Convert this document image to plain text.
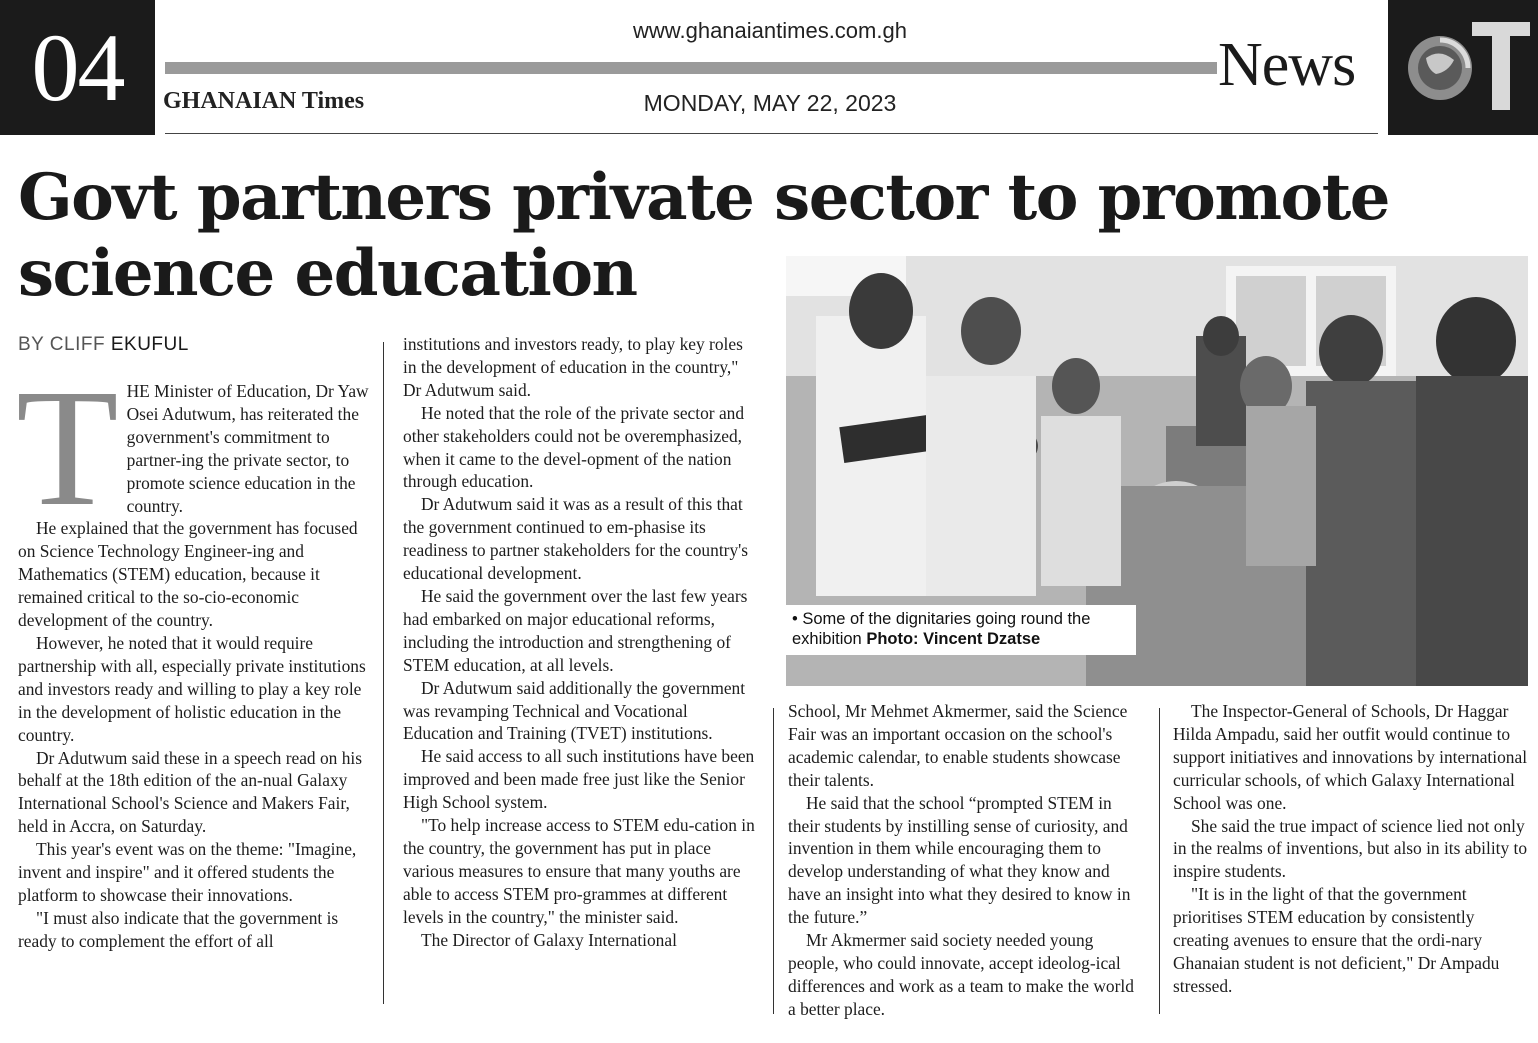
04	www.ghanaiantimes.com.gh
GHANAIAN Times	MONDAY, MAY 22, 2023
News
Govt partners private sector to promote science education
BY CLIFF EKUFUL
T HE Minister of Education, Dr Yaw Osei Adutwum, has reiterated the government's commitment to partner-ing the private sector, to promote science education in the country.

He explained that the government has focused on Science Technology Engineer-ing and Mathematics (STEM) education, because it remained critical to the so-cio-economic development of the country.

However, he noted that it would require partnership with all, especially private institutions and investors ready and willing to play a key role in the development of holistic education in the country.

Dr Adutwum said these in a speech read on his behalf at the 18th edition of the an-nual Galaxy International School's Science and Makers Fair, held in Accra, on Saturday.

This year's event was on the theme: "Imagine, invent and inspire" and it offered students the platform to showcase their innovations.

"I must also indicate that the government is ready to complement the effort of all

institutions and investors ready, to play key roles in the development of education in the country," Dr Adutwum said.

He noted that the role of the private sector and other stakeholders could not be overemphasized, when it came to the devel-opment of the nation through education.

Dr Adutwum said it was as a result of this that the government continued to em-phasise its readiness to partner stakeholders for the country's educational development.

He said the government over the last few years had embarked on major educational reforms, including the introduction and strengthening of STEM education, at all levels.

Dr Adutwum said additionally the government was revamping Technical and Vocational Education and Training (TVET) institutions.

He said access to all such institutions have been improved and been made free just like the Senior High School system.

"To help increase access to STEM edu-cation in the country, the government has put in place various measures to ensure that many youths are able to access STEM pro-grammes at different levels in the country," the minister said.

The Director of Galaxy International

• Some of the dignitaries going round the exhibition Photo: Vincent Dzatse

School, Mr Mehmet Akmermer, said the Science Fair was an important occasion on the school's academic calendar, to enable students showcase their talents.

He said that the school “prompted STEM in their students by instilling sense of curiosity, and invention in them while encouraging them to develop understanding of what they know and have an insight into what they desired to know in the future.”

Mr Akmermer said society needed young people, who could innovate, accept ideolog-ical differences and work as a team to make the world a better place.

The Inspector-General of Schools, Dr Haggar Hilda Ampadu, said her outfit would continue to support initiatives and innovations by international curricular schools, of which Galaxy International School was one.

She said the true impact of science lied not only in the realms of inventions, but also in its ability to inspire students.

"It is in the light of that the government prioritises STEM education by consistently creating avenues to ensure that the ordi-nary Ghanaian student is not deficient," Dr Ampadu stressed.
